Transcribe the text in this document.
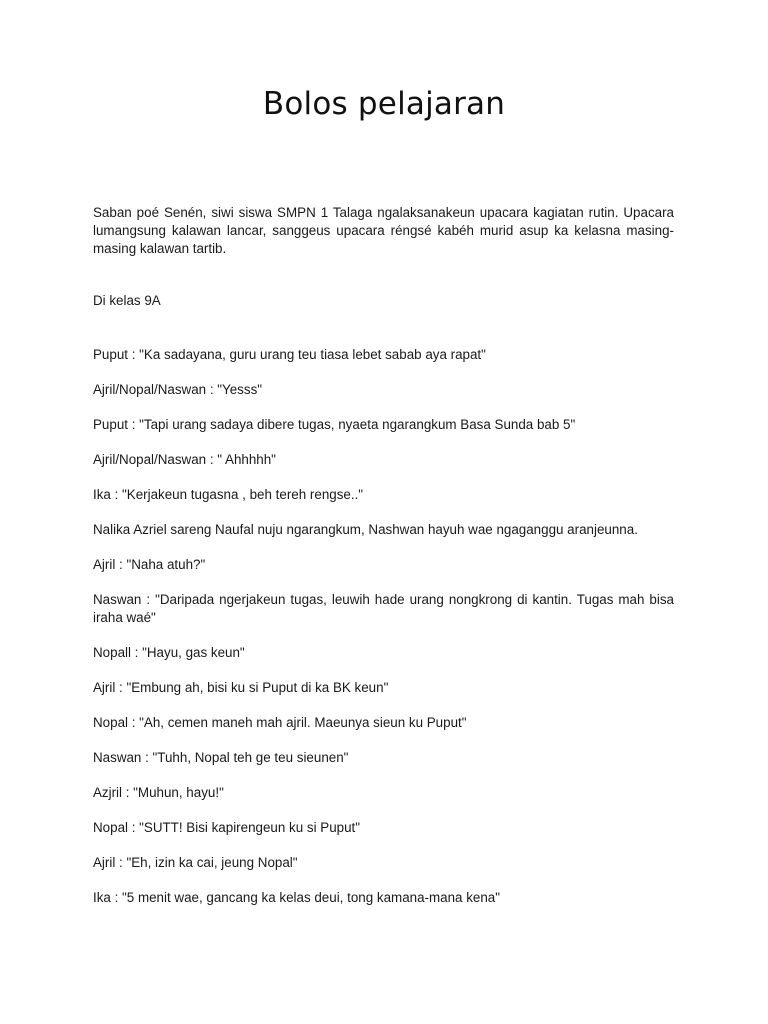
Bolos pelajaran

Saban poé Senén, siwi siswa SMPN 1 Talaga ngalaksanakeun upacara kagiatan rutin. Upacara lumangsung kalawan lancar, sanggeus upacara réngsé kabéh murid asup ka kelasna masing-masing kalawan tartib.

Di kelas 9A

Puput : "Ka sadayana, guru urang teu tiasa lebet sabab aya rapat"
Ajril/Nopal/Naswan : "Yesss"
Puput : "Tapi urang sadaya dibere tugas, nyaeta ngarangkum Basa Sunda bab 5"
Ajril/Nopal/Naswan : " Ahhhhh"
Ika : "Kerjakeun tugasna , beh tereh rengse.."
Nalika Azriel sareng Naufal nuju ngarangkum, Nashwan hayuh wae ngaganggu aranjeunna.
Ajril : "Naha atuh?"
Naswan : "Daripada ngerjakeun tugas, leuwih hade urang nongkrong di kantin. Tugas mah bisa iraha waé"
Nopall : "Hayu, gas keun"
Ajril : "Embung ah, bisi ku si Puput di ka BK keun"
Nopal : "Ah, cemen maneh mah ajril. Maeunya sieun ku Puput"
Naswan : "Tuhh, Nopal teh ge teu sieunen"
Azjril : "Muhun, hayu!"
Nopal : "SUTT! Bisi kapirengeun ku si Puput"
Ajril : "Eh, izin ka cai, jeung Nopal"
Ika : "5 menit wae, gancang ka kelas deui, tong kamana-mana kena"
